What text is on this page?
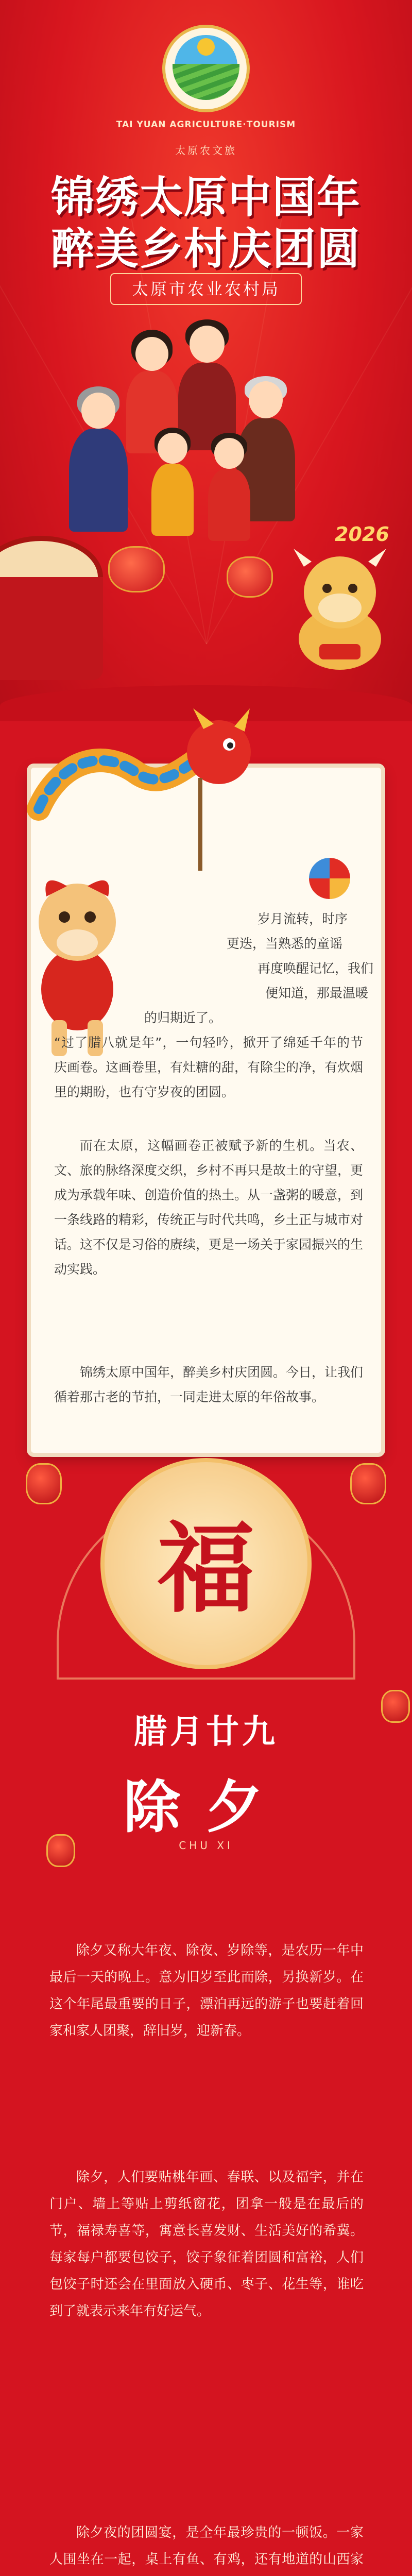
TAI YUAN AGRICULTURE·TOURISM
太原农文旅
锦绣太原中国年
醉美乡村庆团圆
太原市农业农村局
2026
岁月流转，时序
更迭，当熟悉的童谣
再度唤醒记忆，我们
便知道，那最温暖
的归期近了。
“过了腊八就是年”，一句轻吟，掀开了绵延千年的节庆画卷。这画卷里，有灶糖的甜，有除尘的净，有炊烟里的期盼，也有守岁夜的团圆。
而在太原，这幅画卷正被赋予新的生机。当农、文、旅的脉络深度交织，乡村不再只是故土的守望，更成为承载年味、创造价值的热土。从一盏粥的暖意，到一条线路的精彩，传统正与时代共鸣，乡土正与城市对话。这不仅是习俗的赓续，更是一场关于家园振兴的生动实践。
锦绣太原中国年，醉美乡村庆团圆。今日，让我们循着那古老的节拍，一同走进太原的年俗故事。
福
腊月廿九
除夕
CHU XI

除夕又称大年夜、除夜、岁除等，是农历一年中最后一天的晚上。意为旧岁至此而除，另换新岁。在这个年尾最重要的日子，漂泊再远的游子也要赶着回家和家人团聚，辞旧岁，迎新春。

除夕，人们要贴桃年画、春联、以及福字，并在门户、墙上等贴上剪纸窗花，团拿一般是在最后的节，福禄寿喜等，寓意长喜发财、生活美好的希冀。每家每户都要包饺子，饺子象征着团圆和富裕，人们包饺子时还会在里面放入硬币、枣子、花生等，谁吃到了就表示来年有好运气。

除夕夜的团圆宴，是全年最珍贵的一顿饭。一家人围坐在一起，桌上有鱼、有鸡，还有地道的山西家
